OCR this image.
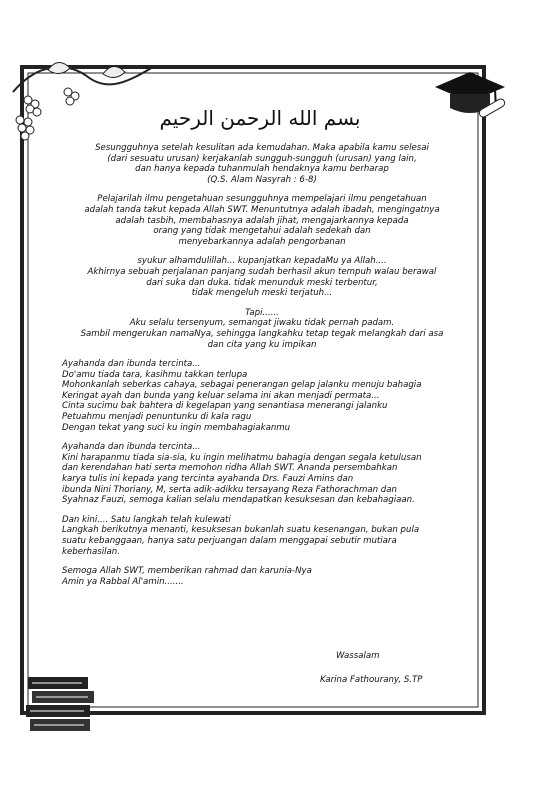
بسم الله الرحمن الرحيم

Sesungguhnya setelah kesulitan ada kemudahan. Maka apabila kamu selesai
(dari sesuatu urusan) kerjakanlah sungguh-sungguh (urusan) yang lain,
dan hanya kepada tuhanmulah hendaknya kamu berharap
(Q.S. Alam Nasyrah : 6-8)

Pelajarilah ilmu pengetahuan sesungguhnya mempelajari ilmu pengetahuan
adalah tanda takut kepada Allah SWT. Menuntutnya adalah ibadah, mengingatnya
adalah tasbih, membahasnya adalah jihat, mengajarkannya kepada
orang yang tidak mengetahui adalah sedekah dan
menyebarkannya adalah pengorbanan

syukur alhamdulillah... kupanjatkan kepadaMu ya Allah....
Akhirnya sebuah perjalanan panjang sudah berhasil akun tempuh walau berawal
dari suka dan duka. tidak menunduk meski terbentur,
tidak mengeluh meski terjatuh...

Tapi......
Aku selalu tersenyum, semangat jiwaku tidak pernah padam.
Sambil mengerukan namaNya, sehingga langkahku tetap tegak melangkah dari asa
dan cita yang ku impikan

Ayahanda dan ibunda tercinta...
Do'amu tiada tara, kasihmu takkan terlupa
Mohonkanlah seberkas cahaya, sebagai penerangan gelap jalanku menuju bahagia
Keringat ayah dan bunda yang keluar selama ini akan menjadi permata...
Cinta sucimu bak bahtera di kegelapan yang senantiasa menerangi jalanku
Petuahmu menjadi penuntunku di kala ragu
Dengan tekat yang suci ku ingin membahagiakanmu

Ayahanda dan ibunda tercinta...
Kini harapanmu tiada sia-sia, ku ingin melihatmu bahagia dengan segala ketulusan
dan kerendahan hati serta memohon ridha Allah SWT. Ananda persembahkan
karya tulis ini kepada yang tercinta ayahanda Drs. Fauzi Amins dan
ibunda Nini Thoriany, M, serta adik-adikku tersayang Reza Fathorachman dan
Syahnaz Fauzi, semoga kalian selalu mendapatkan kesuksesan dan kebahagiaan.

Dan kini.... Satu langkah telah kulewati
Langkah berikutnya menanti, kesuksesan bukanlah suatu kesenangan, bukan pula
suatu kebanggaan, hanya satu perjuangan dalam menggapai sebutir mutiara
keberhasilan.

Semoga Allah SWT, memberikan rahmad dan karunia-Nya
Amin ya Rabbal Al'amin.......

Wassalam
Karina Fathourany, S.TP
